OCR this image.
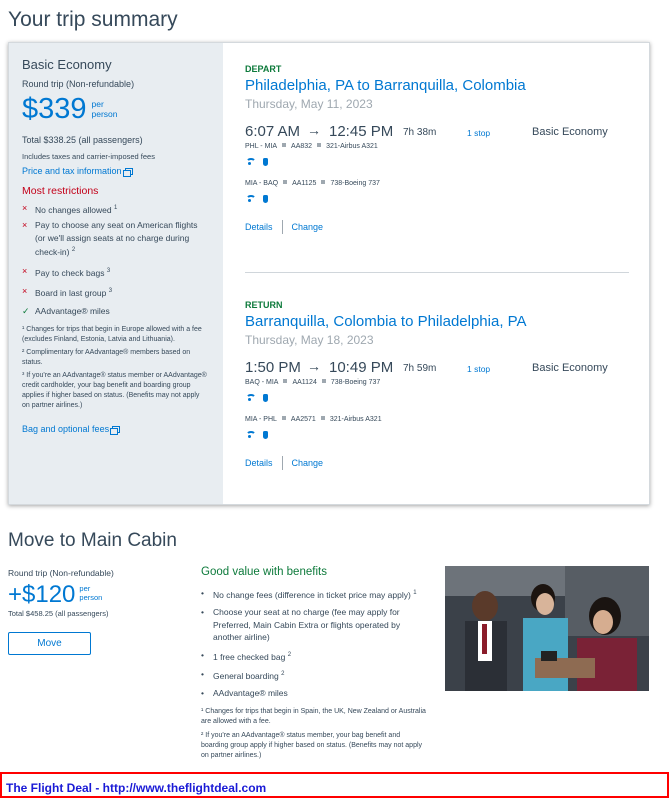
Your trip summary
Basic Economy
Round trip (Non-refundable)
$339 per
person
Total $338.25 (all passengers)
Includes taxes and carrier-imposed fees
Price and tax information
Most restrictions
× No changes allowed $^1$
× Pay to choose any seat on American flights (or we'll assign seats at no charge during check-in) $^2$
× Pay to check bags $^3$
× Board in last group $^3$
✓ AAdvantage® miles
¹ Changes for trips that begin in Europe allowed with a fee (excludes Finland, Estonia, Latvia and Lithuania).
² Complimentary for AAdvantage® members based on status.
³ If you're an AAdvantage® status member or AAdvantage® credit cardholder, your bag benefit and boarding group applies if higher based on status. (Benefits may not apply on partner airlines.)
Bag and optional fees
DEPART
Philadelphia, PA to Barranquilla, Colombia
Thursday, May 11, 2023
6:07 AM → 12:45 PM 7h 38m	1 stop	Basic Economy
PHL - MIA AA832 321-Airbus A321
MIA - BAQ AA1125 738-Boeing 737
Details Change
RETURN
Barranquilla, Colombia to Philadelphia, PA
Thursday, May 18, 2023
1:50 PM → 10:49 PM 7h 59m	1 stop	Basic Economy
BAQ - MIA AA1124 738-Boeing 737
MIA - PHL AA2571 321-Airbus A321
Details Change
Move to Main Cabin
Round trip (Non-refundable)
+$120 per
person
Total $458.25 (all passengers)
Move
Good value with benefits
•	No change fees (difference in ticket price may apply) $^1$
•	Choose your seat at no charge (fee may apply for Preferred, Main Cabin Extra or flights operated by another airline)
•	1 free checked bag $^2$
•	General boarding $^2$
•	AAdvantage® miles
¹ Changes for trips that begin in Spain, the UK, New Zealand or Australia are allowed with a fee.
² If you're an AAdvantage® status member, your bag benefit and boarding group apply if higher based on status. (Benefits may not apply on partner airlines.)
The Flight Deal - http://www.theflightdeal.com
